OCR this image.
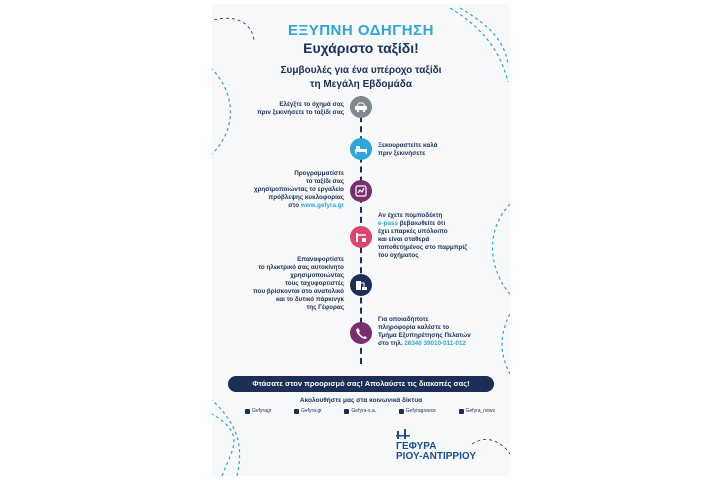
ΕΞΥΠΝΗ ΟΔΗΓΗΣΗ
Ευχάριστο ταξίδι!
Συμβουλές για ένα υπέροχο ταξίδι
τη Μεγάλη Εβδομάδα
Ελέγξτε το όχημά σας
πριν ξεκινήσετε το ταξίδι σας
Ξεκουραστείτε καλά
πριν ξεκινήσετε
Προγραμματίστε
το ταξίδι σας
χρησιμοποιώντας το εργαλείο
πρόβλεψης κυκλοφορίας
στο www.gefyra.gr
Αν έχετε πομποδέκτη
e-pass βεβαιωθείτε ότι
έχει επαρκές υπόλοιπο
και είναι σταθερά
τοποθετημένος στο παρμπρίζ
του οχήματος
Επαναφορτίστε
το ηλεκτρικό σας αυτοκίνητο
χρησιμοποιώντας
τους ταχυφορτιστές
που βρίσκονται στο ανατολικό
και το δυτικό πάρκινγκ
της Γέφυρας
Για οποιαδήποτε
πληροφορία καλέστε το
Τμήμα Εξυπηρέτησης Πελατών
στο τηλ. 26340 39010-011-012
Φτάσατε στον προορισμό σας! Απολαύστε τις διακοπές σας!
Ακολουθήστε μας στα κοινωνικά δίκτυα
Gefyragr	Gefyra.gr	Gefyra-s.a.	Gefyragreece	Gefyra_news
ΓΕΦΥΡΑ
ΡΙΟΥ-ΑΝΤΙΡΡΙΟΥ
